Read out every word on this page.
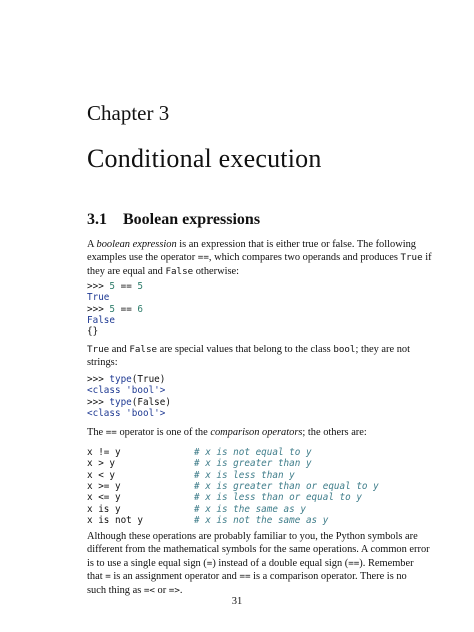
Chapter 3
Conditional execution
3.1 Boolean expressions
A boolean expression is an expression that is either true or false. The following
examples use the operator ==, which compares two operands and produces True if
they are equal and False otherwise:
>>> 5 == 5
True
>>> 5 == 6
False
{}
True and False are special values that belong to the class bool; they are not
strings:
>>> type(True)
<class 'bool'>
>>> type(False)
<class 'bool'>
The == operator is one of the comparison operators; the others are:
x != y	# x is not equal to y
x > y	# x is greater than y
x < y	# x is less than y
x >= y	# x is greater than or equal to y
x <= y	# x is less than or equal to y
x is y	# x is the same as y
x is not y	# x is not the same as y
Although these operations are probably familiar to you, the Python symbols are
different from the mathematical symbols for the same operations. A common error
is to use a single equal sign (=) instead of a double equal sign (==). Remember
that = is an assignment operator and == is a comparison operator. There is no
such thing as =< or =>.
31
